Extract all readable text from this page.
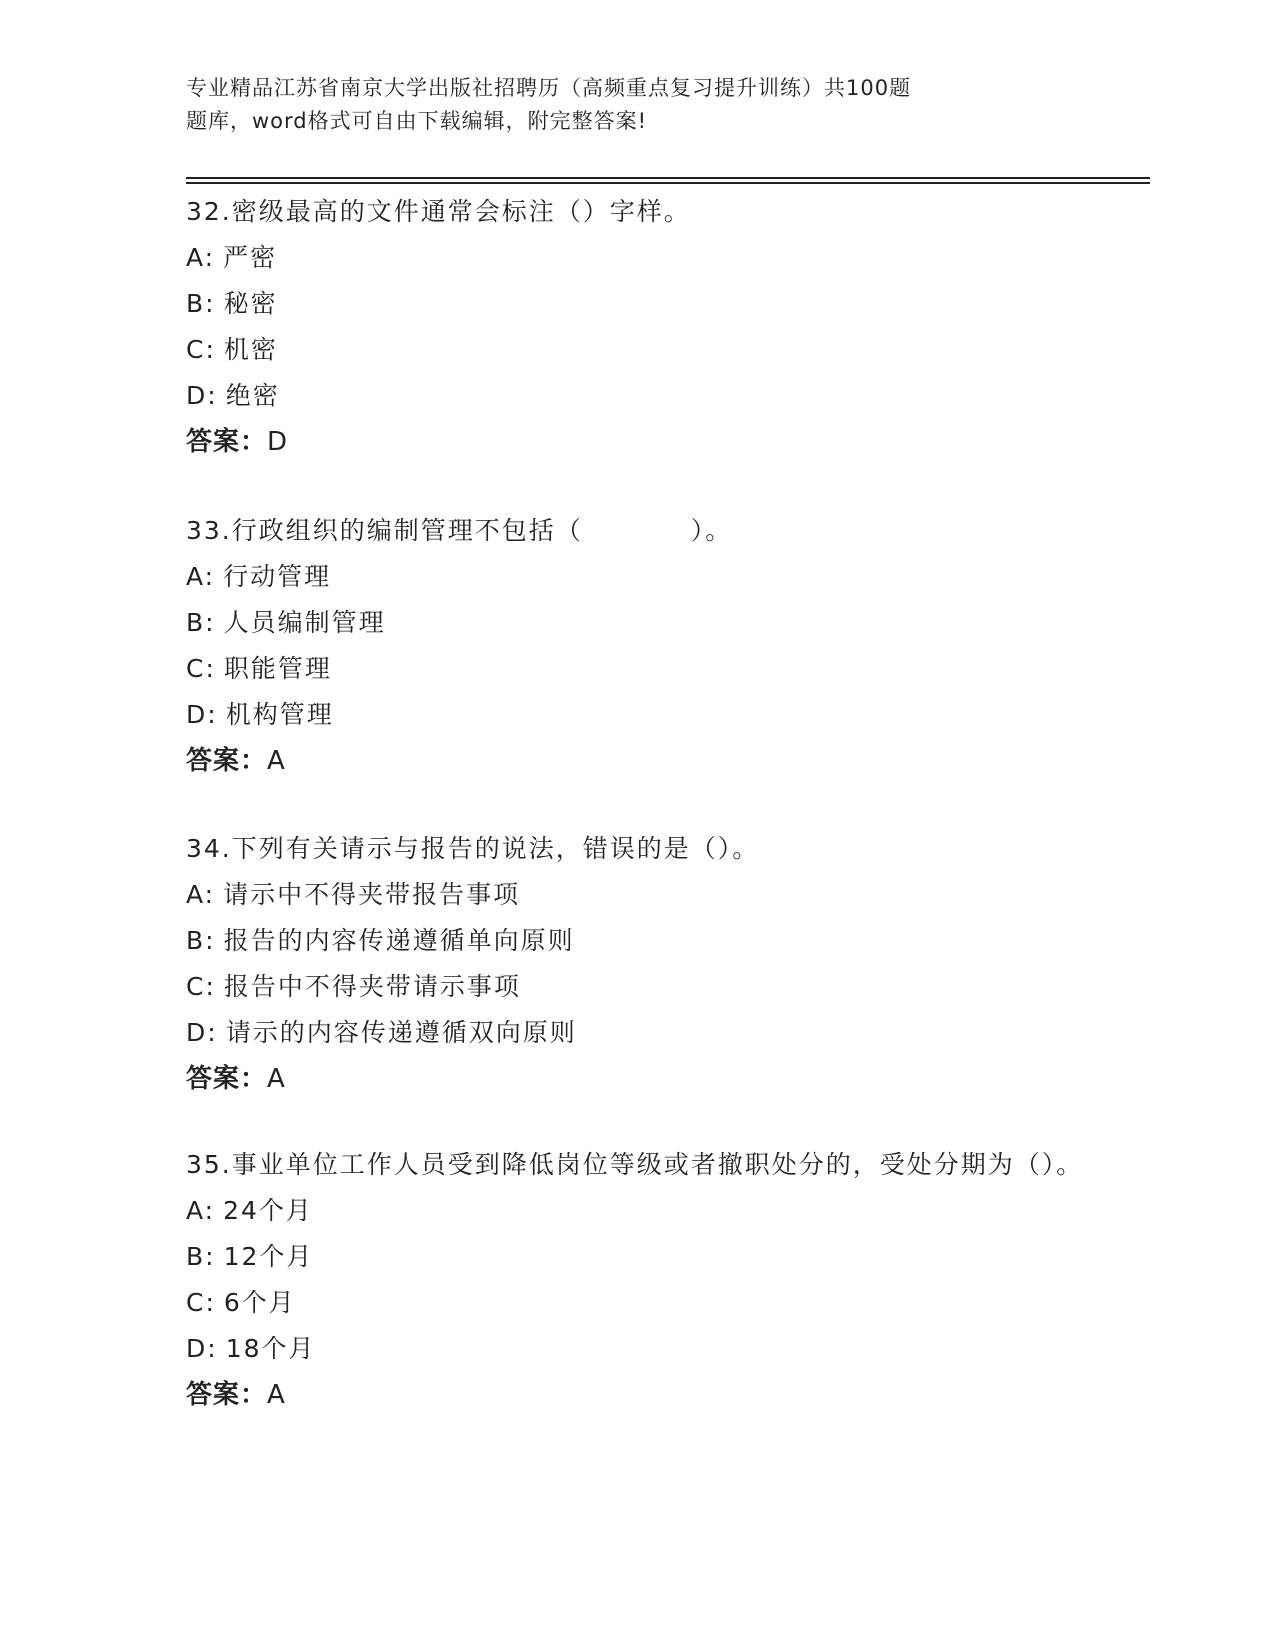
专业精品江苏省南京大学出版社招聘历（高频重点复习提升训练）共100题
题库，word格式可自由下载编辑，附完整答案!

32.密级最高的文件通常会标注（）字样。

A: 严密
B: 秘密
C: 机密
D: 绝密
答案：D

33.行政组织的编制管理不包括（　　　　）。

A: 行动管理
B: 人员编制管理
C: 职能管理
D: 机构管理
答案：A

34.下列有关请示与报告的说法，错误的是（）。

A: 请示中不得夹带报告事项
B: 报告的内容传递遵循单向原则
C: 报告中不得夹带请示事项
D: 请示的内容传递遵循双向原则
答案：A

35.事业单位工作人员受到降低岗位等级或者撤职处分的，受处分期为（）。

A: 24个月
B: 12个月
C: 6个月
D: 18个月
答案：A
